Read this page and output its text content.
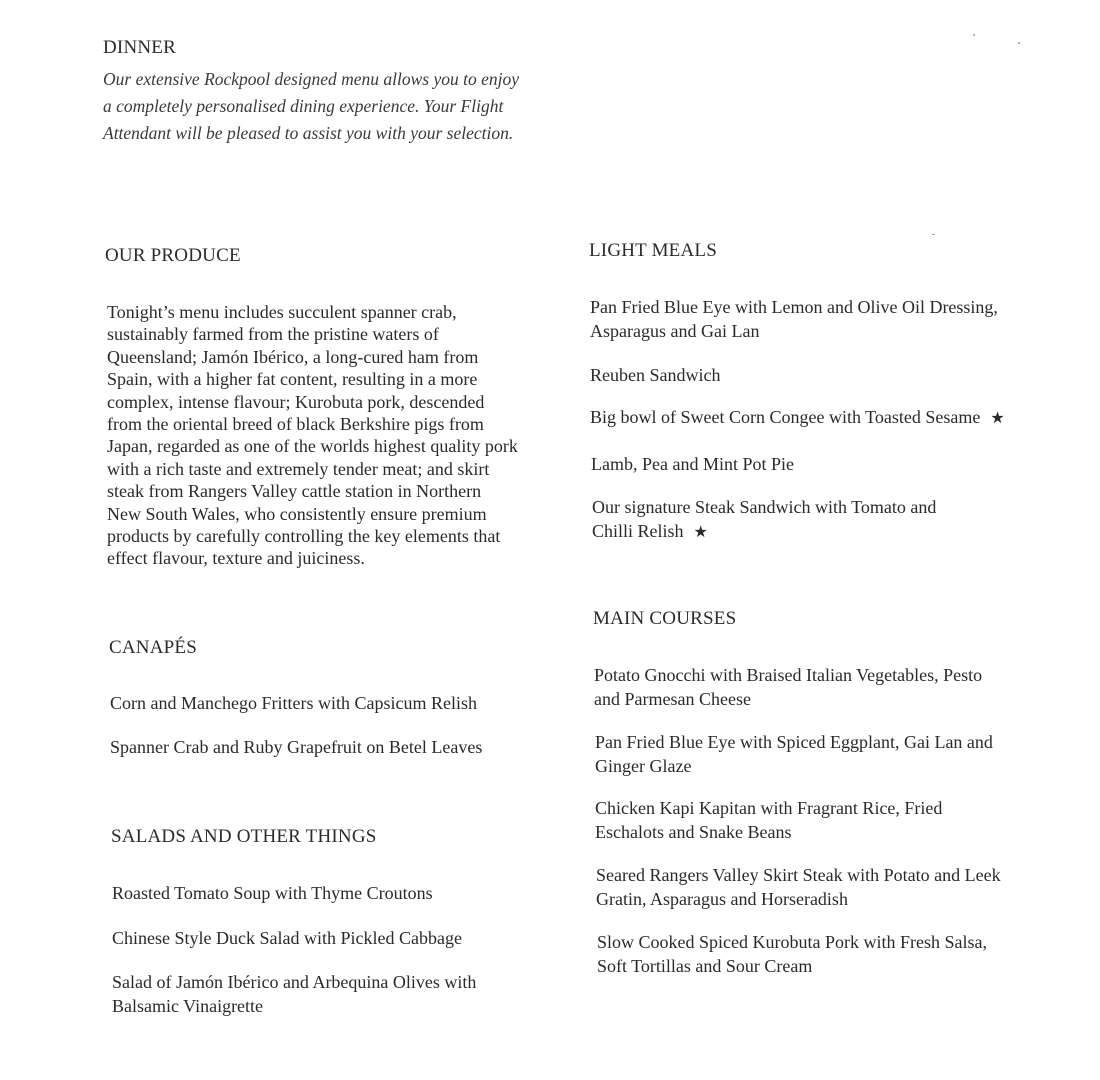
DINNER
Our extensive Rockpool designed menu allows you to enjoy
a completely personalised dining experience. Your Flight
Attendant will be pleased to assist you with your selection.
OUR PRODUCE
Tonight’s menu includes succulent spanner crab,
sustainably farmed from the pristine waters of
Queensland; Jamón Ibérico, a long-cured ham from
Spain, with a higher fat content, resulting in a more
complex, intense flavour; Kurobuta pork, descended
from the oriental breed of black Berkshire pigs from
Japan, regarded as one of the worlds highest quality pork
with a rich taste and extremely tender meat; and skirt
steak from Rangers Valley cattle station in Northern
New South Wales, who consistently ensure premium
products by carefully controlling the key elements that
effect flavour, texture and juiciness.
CANAPÉS
Corn and Manchego Fritters with Capsicum Relish
Spanner Crab and Ruby Grapefruit on Betel Leaves
SALADS AND OTHER THINGS
Roasted Tomato Soup with Thyme Croutons
Chinese Style Duck Salad with Pickled Cabbage
Salad of Jamón Ibérico and Arbequina Olives with
Balsamic Vinaigrette
LIGHT MEALS
Pan Fried Blue Eye with Lemon and Olive Oil Dressing,
Asparagus and Gai Lan
Reuben Sandwich
Big bowl of Sweet Corn Congee with Toasted Sesame ★
Lamb, Pea and Mint Pot Pie
Our signature Steak Sandwich with Tomato and
Chilli Relish ★
MAIN COURSES
Potato Gnocchi with Braised Italian Vegetables, Pesto
and Parmesan Cheese
Pan Fried Blue Eye with Spiced Eggplant, Gai Lan and
Ginger Glaze
Chicken Kapi Kapitan with Fragrant Rice, Fried
Eschalots and Snake Beans
Seared Rangers Valley Skirt Steak with Potato and Leek
Gratin, Asparagus and Horseradish
Slow Cooked Spiced Kurobuta Pork with Fresh Salsa,
Soft Tortillas and Sour Cream
